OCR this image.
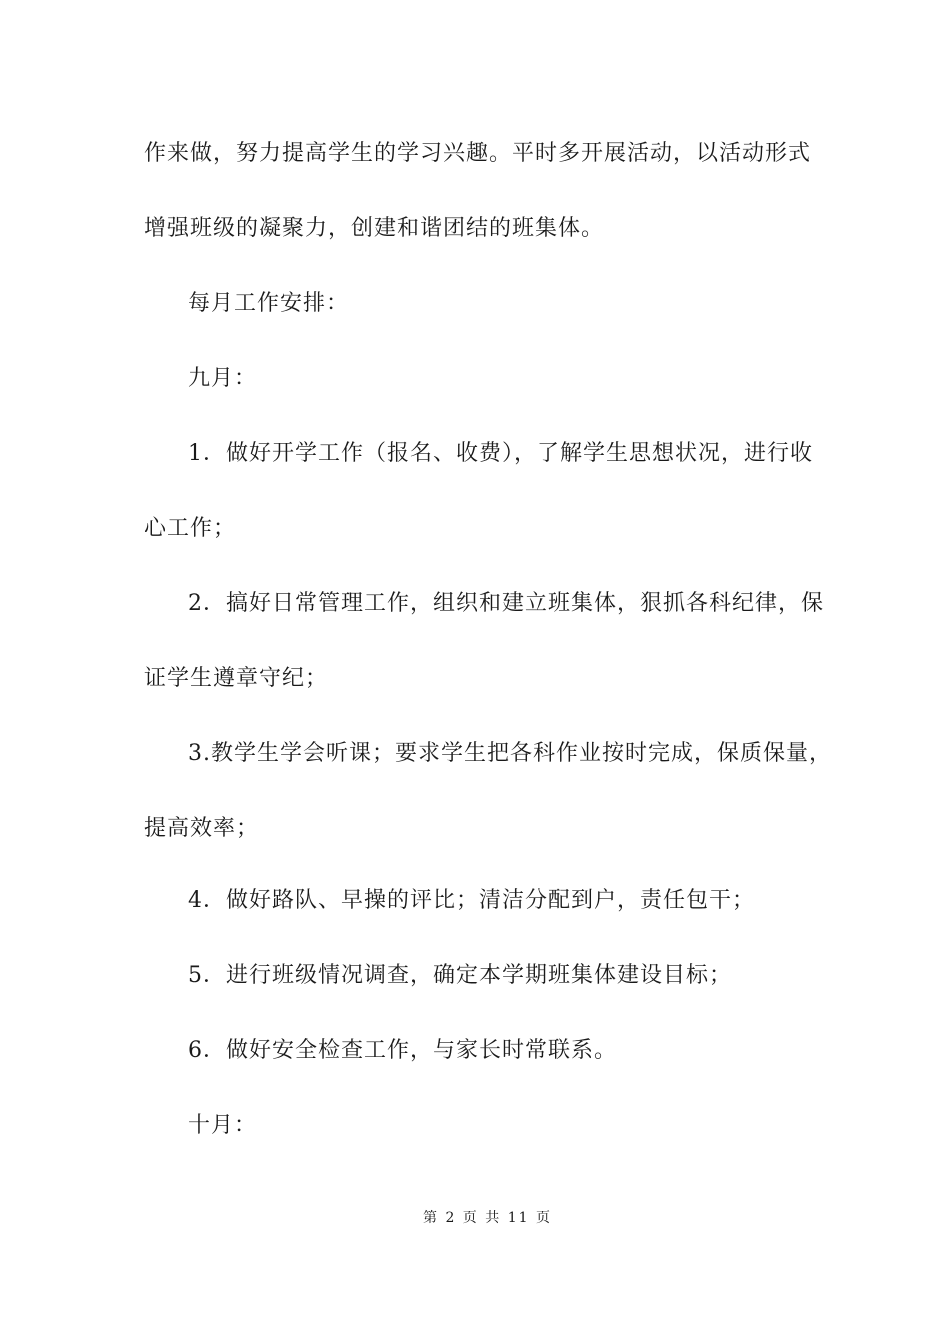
作来做，努力提高学生的学习兴趣。平时多开展活动，以活动形式
增强班级的凝聚力，创建和谐团结的班集体。
每月工作安排：
九月：
1．做好开学工作（报名、收费），了解学生思想状况，进行收
心工作；
2．搞好日常管理工作，组织和建立班集体，狠抓各科纪律，保
证学生遵章守纪；
3.教学生学会听课；要求学生把各科作业按时完成，保质保量，
提高效率；
4．做好路队、早操的评比；清洁分配到户，责任包干；
5．进行班级情况调查，确定本学期班集体建设目标；
6．做好安全检查工作，与家长时常联系。
十月：
第 2 页 共 11 页
